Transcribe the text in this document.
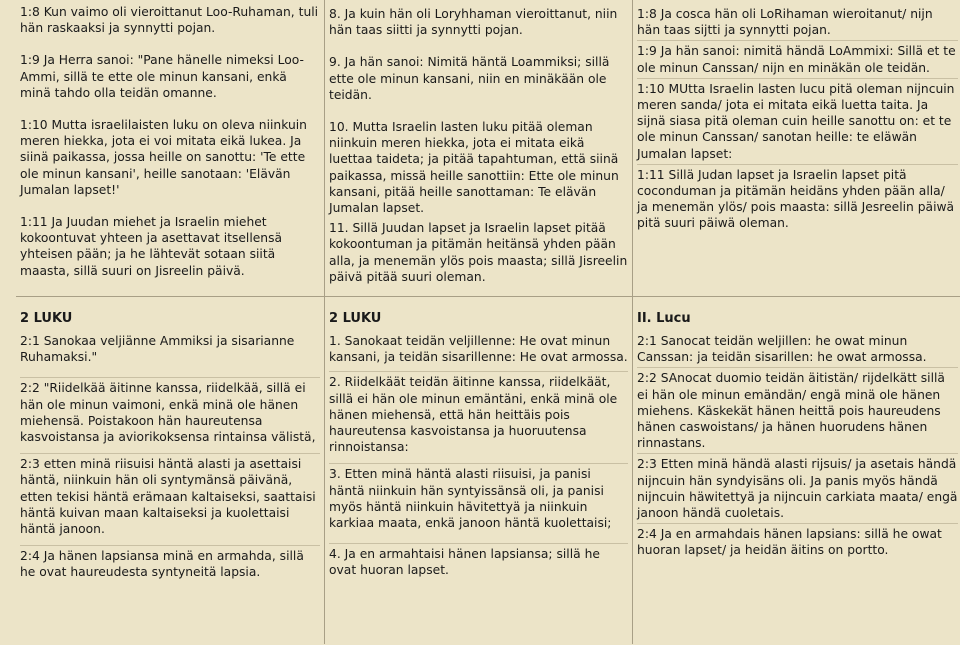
1:8 Kun vaimo oli vieroittanut Loo-Ruhaman, tuli hän raskaaksi ja synnytti pojan.

1:9 Ja Herra sanoi: "Pane hänelle nimeksi Loo-Ammi, sillä te ette ole minun kansani, enkä minä tahdo olla teidän omanne.

1:10 Mutta israelilaisten luku on oleva niinkuin meren hiekka, jota ei voi mitata eikä lukea. Ja siinä paikassa, jossa heille on sanottu: 'Te ette ole minun kansani', heille sanotaan: 'Elävän Jumalan lapset!'

1:11 Ja Juudan miehet ja Israelin miehet kokoontuvat yhteen ja asettavat itsellensä yhteisen pään; ja he lähtevät sotaan siitä maasta, sillä suuri on Jisreelin päivä.

8. Ja kuin hän oli Loryhhaman vieroittanut, niin hän taas siitti ja synnytti pojan.

9. Ja hän sanoi: Nimitä häntä Loammiksi; sillä ette ole minun kansani, niin en minäkään ole teidän.

10. Mutta Israelin lasten luku pitää oleman niinkuin meren hiekka, jota ei mitata eikä luettaa taideta; ja pitää tapahtuman, että siinä paikassa, missä heille sanottiin: Ette ole minun kansani, pitää heille sanottaman: Te elävän Jumalan lapset.

11. Sillä Juudan lapset ja Israelin lapset pitää kokoontuman ja pitämän heitänsä yhden pään alla, ja menemän ylös pois maasta; sillä Jisreelin päivä pitää suuri oleman.

1:8 Ja cosca hän oli LoRihaman wieroitanut/ nijn hän taas sijtti ja synnytti pojan.

1:9 Ja hän sanoi: nimitä händä LoAmmixi: Sillä et te ole minun Canssan/ nijn en minäkän ole teidän.

1:10 MUtta Israelin lasten lucu pitä oleman nijncuin meren sanda/ jota ei mitata eikä luetta taita. Ja sijnä siasa pitä oleman cuin heille sanottu on: et te ole minun Canssan/ sanotan heille: te eläwän Jumalan lapset:

1:11 Sillä Judan lapset ja Israelin lapset pitä coconduman ja pitämän heidäns yhden pään alla/ ja menemän ylös/ pois maasta: sillä Jesreelin päiwä pitä suuri päiwä oleman.

2 LUKU

2:1 Sanokaa veljiänne Ammiksi ja sisarianne Ruhamaksi."

2:2 "Riidelkää äitinne kanssa, riidelkää, sillä ei hän ole minun vaimoni, enkä minä ole hänen miehensä. Poistakoon hän haureutensa kasvoistansa ja aviorikoksensa rintainsa välistä,

2:3 etten minä riisuisi häntä alasti ja asettaisi häntä, niinkuin hän oli syntymänsä päivänä, etten tekisi häntä erämaan kaltaiseksi, saattaisi häntä kuivan maan kaltaiseksi ja kuolettaisi häntä janoon.

2:4 Ja hänen lapsiansa minä en armahda, sillä he ovat haureudesta syntyneitä lapsia.

2 LUKU

1. Sanokaat teidän veljillenne: He ovat minun kansani, ja teidän sisarillenne: He ovat armossa.

2. Riidelkäät teidän äitinne kanssa, riidelkäät, sillä ei hän ole minun emäntäni, enkä minä ole hänen miehensä, että hän heittäis pois haureutensa kasvoistansa ja huoruutensa rinnoistansa:

3. Etten minä häntä alasti riisuisi, ja panisi häntä niinkuin hän syntyissänsä oli, ja panisi myös häntä niinkuin hävitettyä ja niinkuin karkiaa maata, enkä janoon häntä kuolettaisi;

4. Ja en armahtaisi hänen lapsiansa; sillä he ovat huoran lapset.

II. Lucu

2:1 Sanocat teidän weljillen: he owat minun Canssan: ja teidän sisarillen: he owat armossa.

2:2 SAnocat duomio teidän äitistän/ rijdelkätt sillä ei hän ole minun emändän/ engä minä ole hänen miehens. Käskekät hänen heittä pois haureudens hänen caswoistans/ ja hänen huorudens hänen rinnastans.

2:3 Etten minä händä alasti rijsuis/ ja asetais händä nijncuin hän syndyisäns oli. Ja panis myös händä nijncuin häwitettyä ja nijncuin carkiata maata/ engä janoon händä cuoletais.

2:4 Ja en armahdais hänen lapsians: sillä he owat huoran lapset/ ja heidän äitins on portto.
